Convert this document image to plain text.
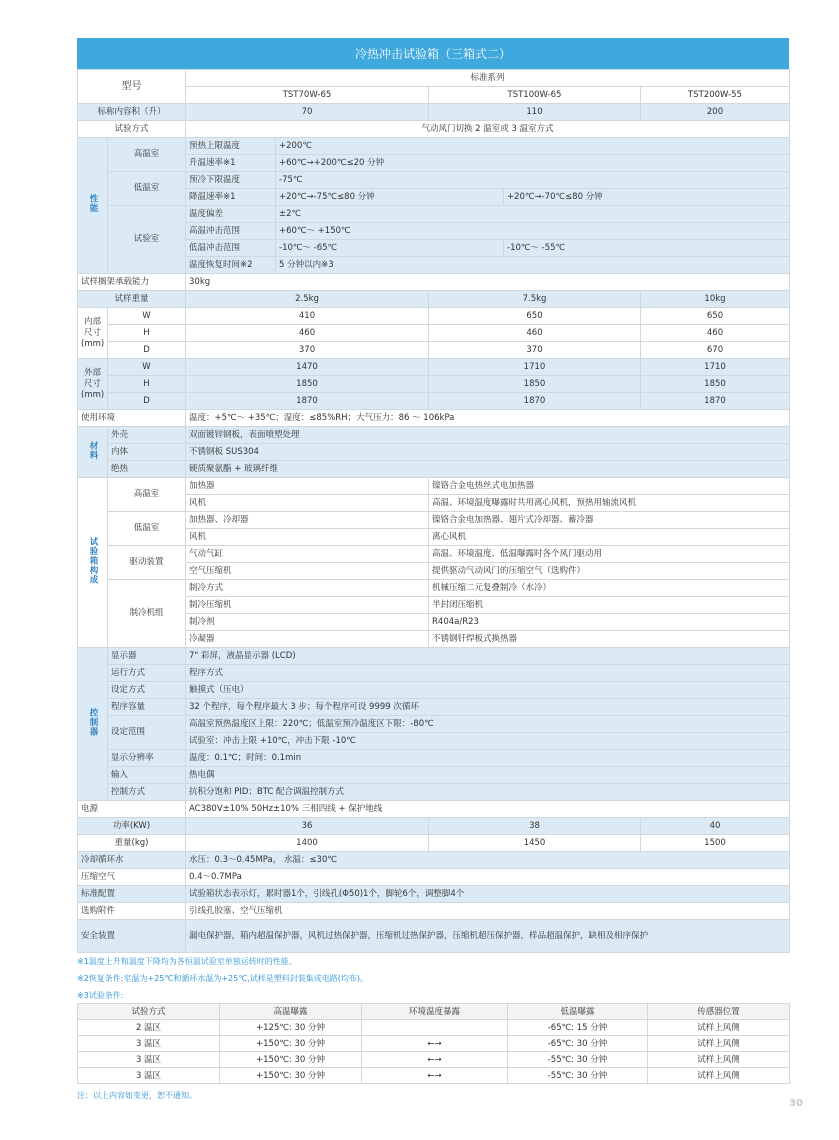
冷热冲击试验箱（三箱式二）
型号		标准系列					
		TST70W-65		TST100W-65		TST200W-55	
标称内容积（升）		70		110		200	
试验方式		气动风门切换 2 温室或 3 温室方式					
性能	高温室	预热上限温度	+200℃				
		升温速率※1	+60℃→+200℃≤20 分钟				
	低温室	预冷下限温度	-75℃				
		降温速率※1	+20℃→-75℃≤80 分钟		+20℃→-70℃≤80 分钟		
	试验室	温度偏差	±2℃				
		高温冲击范围	+60℃～ +150℃				
		低温冲击范围	-10℃～ -65℃		-10℃～ -55℃		
		温度恢复时间※2	5 分钟以内※3				
试样搁架承载能力		30kg					
试样重量		2.5kg		7.5kg		10kg	
内部尺寸
(mm)	W	410		650		650	
	H	460		460		460	
	D	370		370		670	
外部尺寸
(mm)	W	1470		1710		1710	
	H	1850		1850		1850	
	D	1870		1870		1870	
使用环境		温度：+5℃～ +35℃；湿度：≤85%RH；大气压力：86 ～ 106kPa					
材料	外壳	双面镀锌钢板，表面喷塑处理					
	内体	不锈钢板 SUS304					
	绝热	硬质聚氨酯 + 玻璃纤维					
试验箱构成	高温室	加热器		镍铬合金电热丝式电加热器			
		风机		高温、环境温度曝露时共用离心风机，预热用轴流风机			
	低温室	加热器、冷却器		镍铬合金电加热器、翅片式冷却器、蓄冷器			
		风机		离心风机			
	驱动装置	气动气缸		高温、环境温度、低温曝露时各个风门驱动用			
		空气压缩机		提供驱动气动风门的压缩空气（选购件）			
	制冷机组	制冷方式		机械压缩二元复叠制冷（水冷）			
		制冷压缩机		半封闭压缩机			
		制冷剂		R404a/R23			
		冷凝器		不锈钢钎焊板式换热器			
控制器	显示器	7" 彩屏，液晶显示器 (LCD)					
	运行方式	程序方式					
	设定方式	触摸式（压电）					
	程序容量	32 个程序，每个程序最大 3 步；每个程序可设 9999 次循环					
	设定范围	高温室预热温度区上限：220℃；低温室预冷温度区下限：-80℃					
		试验室：冲击上限 +10℃，冲击下限 -10℃					
	显示分辨率	温度：0.1℃；时间：0.1min					
	输入	热电偶					
	控制方式	抗积分饱和 PID；BTC 配合调温控制方式					
电源		AC380V±10% 50Hz±10% 三相四线 + 保护地线					
功率(KW)		36		38		40	
重量(kg)		1400		1450		1500	
冷却循环水		水压：0.3～0.45MPa， 水温：≤30℃					
压缩空气		0.4～0.7MPa					
标准配置		试验箱状态表示灯，累时器1个，引线孔(Φ50)1个，脚轮6个，调整脚4个					
选购附件		引线孔胶塞、空气压缩机					
安全装置		漏电保护器，箱内超温保护器，风机过热保护器，压缩机过热保护器，压缩机超压保护器，样品超温保护，缺相及相序保护					
※1温度上升和温度下降均为各恒温试验室单独运转时的性能。
※2恢复条件:室温为+25℃和循环水温为+25℃,试样是塑料封装集成电路(均布)。
※3试验条件:
试验方式	高温曝露	环境温度暴露	低温曝露	传感器位置
2 温区	+125℃: 30 分钟		-65℃: 15 分钟	试样上风侧
3 温区	+150℃: 30 分钟	←→	-65℃: 30 分钟	试样上风侧
3 温区	+150℃: 30 分钟	←→	-55℃: 30 分钟	试样上风侧
3 温区	+150℃: 30 分钟	←→	-55℃: 30 分钟	试样上风侧
注：以上内容如变更，恕不通知。
30
